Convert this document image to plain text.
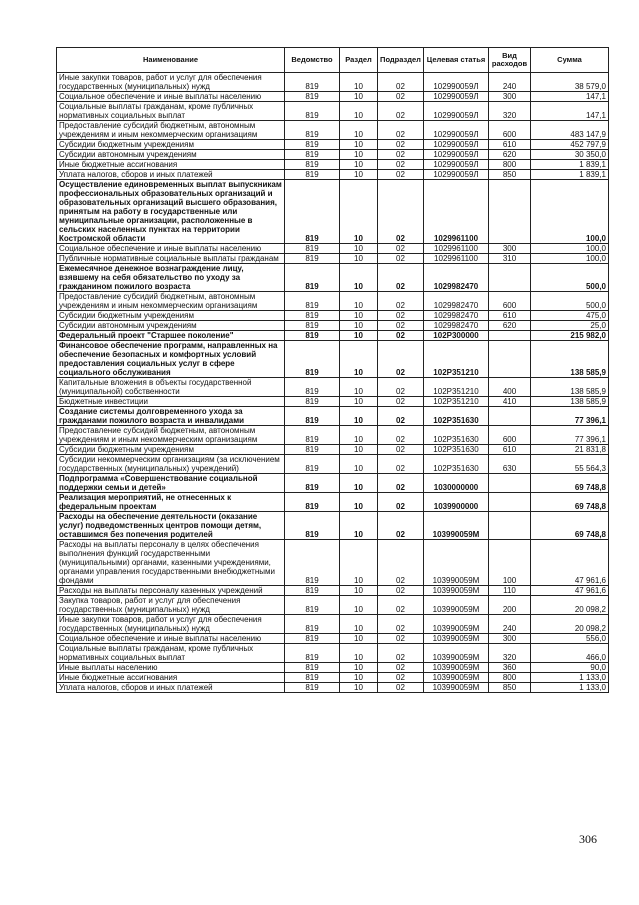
Наименование	Ведомство	Раздел	Подраздел	Целевая статья	Вид расходов	Сумма
Иные закупки товаров, работ и услуг для обеспечения государственных (муниципальных) нужд	819	10	02	102990059Л	240	38 579,0
Социальное обеспечение и иные выплаты населению	819	10	02	102990059Л	300	147,1
Социальные выплаты гражданам, кроме публичных нормативных социальных выплат	819	10	02	102990059Л	320	147,1
Предоставление субсидий бюджетным, автономным учреждениям и иным некоммерческим организациям	819	10	02	102990059Л	600	483 147,9
Субсидии бюджетным учреждениям	819	10	02	102990059Л	610	452 797,9
Субсидии автономным учреждениям	819	10	02	102990059Л	620	30 350,0
Иные бюджетные ассигнования	819	10	02	102990059Л	800	1 839,1
Уплата налогов, сборов и иных платежей	819	10	02	102990059Л	850	1 839,1
Осуществление единовременных выплат выпускникам профессиональных образовательных организаций и образовательных организаций высшего образования, принятым на работу в государственные или муниципальные организации, расположенные в сельских населенных пунктах на территории Костромской области	819	10	02	1029961100		100,0
Социальное обеспечение и иные выплаты населению	819	10	02	1029961100	300	100,0
Публичные нормативные социальные выплаты гражданам	819	10	02	1029961100	310	100,0
Ежемесячное денежное вознаграждение лицу, взявшему на себя обязательство по уходу за гражданином пожилого возраста	819	10	02	1029982470		500,0
Предоставление субсидий бюджетным, автономным учреждениям и иным некоммерческим организациям	819	10	02	1029982470	600	500,0
Субсидии бюджетным учреждениям	819	10	02	1029982470	610	475,0
Субсидии автономным учреждениям	819	10	02	1029982470	620	25,0
Федеральный проект "Старшее поколение"	819	10	02	102P300000		215 982,0
Финансовое обеспечение программ, направленных на обеспечение безопасных и комфортных условий предоставления социальных услуг в сфере социального обслуживания	819	10	02	102P351210		138 585,9
Капитальные вложения в объекты государственной (муниципальной) собственности	819	10	02	102P351210	400	138 585,9
Бюджетные инвестиции	819	10	02	102P351210	410	138 585,9
Создание системы долговременного ухода за гражданами пожилого возраста и инвалидами	819	10	02	102P351630		77 396,1
Предоставление субсидий бюджетным, автономным учреждениям и иным некоммерческим организациям	819	10	02	102P351630	600	77 396,1
Субсидии бюджетным учреждениям	819	10	02	102P351630	610	21 831,8
Субсидии некоммерческим организациям (за исключением государственных (муниципальных) учреждений)	819	10	02	102P351630	630	55 564,3
Подпрограмма «Совершенствование социальной поддержки семьи и детей»	819	10	02	1030000000		69 748,8
Реализация мероприятий, не отнесенных к федеральным проектам	819	10	02	1039900000		69 748,8
Расходы на обеспечение деятельности (оказание услуг) подведомственных центров помощи детям, оставшимся без попечения родителей	819	10	02	103990059М		69 748,8
Расходы на выплаты персоналу в целях обеспечения выполнения функций государственными (муниципальными) органами, казенными учреждениями, органами управления государственными внебюджетными фондами	819	10	02	103990059М	100	47 961,6
Расходы на выплаты персоналу казенных учреждений	819	10	02	103990059М	110	47 961,6
Закупка товаров, работ и услуг для обеспечения государственных (муниципальных) нужд	819	10	02	103990059М	200	20 098,2
Иные закупки товаров, работ и услуг для обеспечения государственных (муниципальных) нужд	819	10	02	103990059М	240	20 098,2
Социальное обеспечение и иные выплаты населению	819	10	02	103990059М	300	556,0
Социальные выплаты гражданам, кроме публичных нормативных социальных выплат	819	10	02	103990059М	320	466,0
Иные выплаты населению	819	10	02	103990059М	360	90,0
Иные бюджетные ассигнования	819	10	02	103990059М	800	1 133,0
Уплата налогов, сборов и иных платежей	819	10	02	103990059М	850	1 133,0
306
